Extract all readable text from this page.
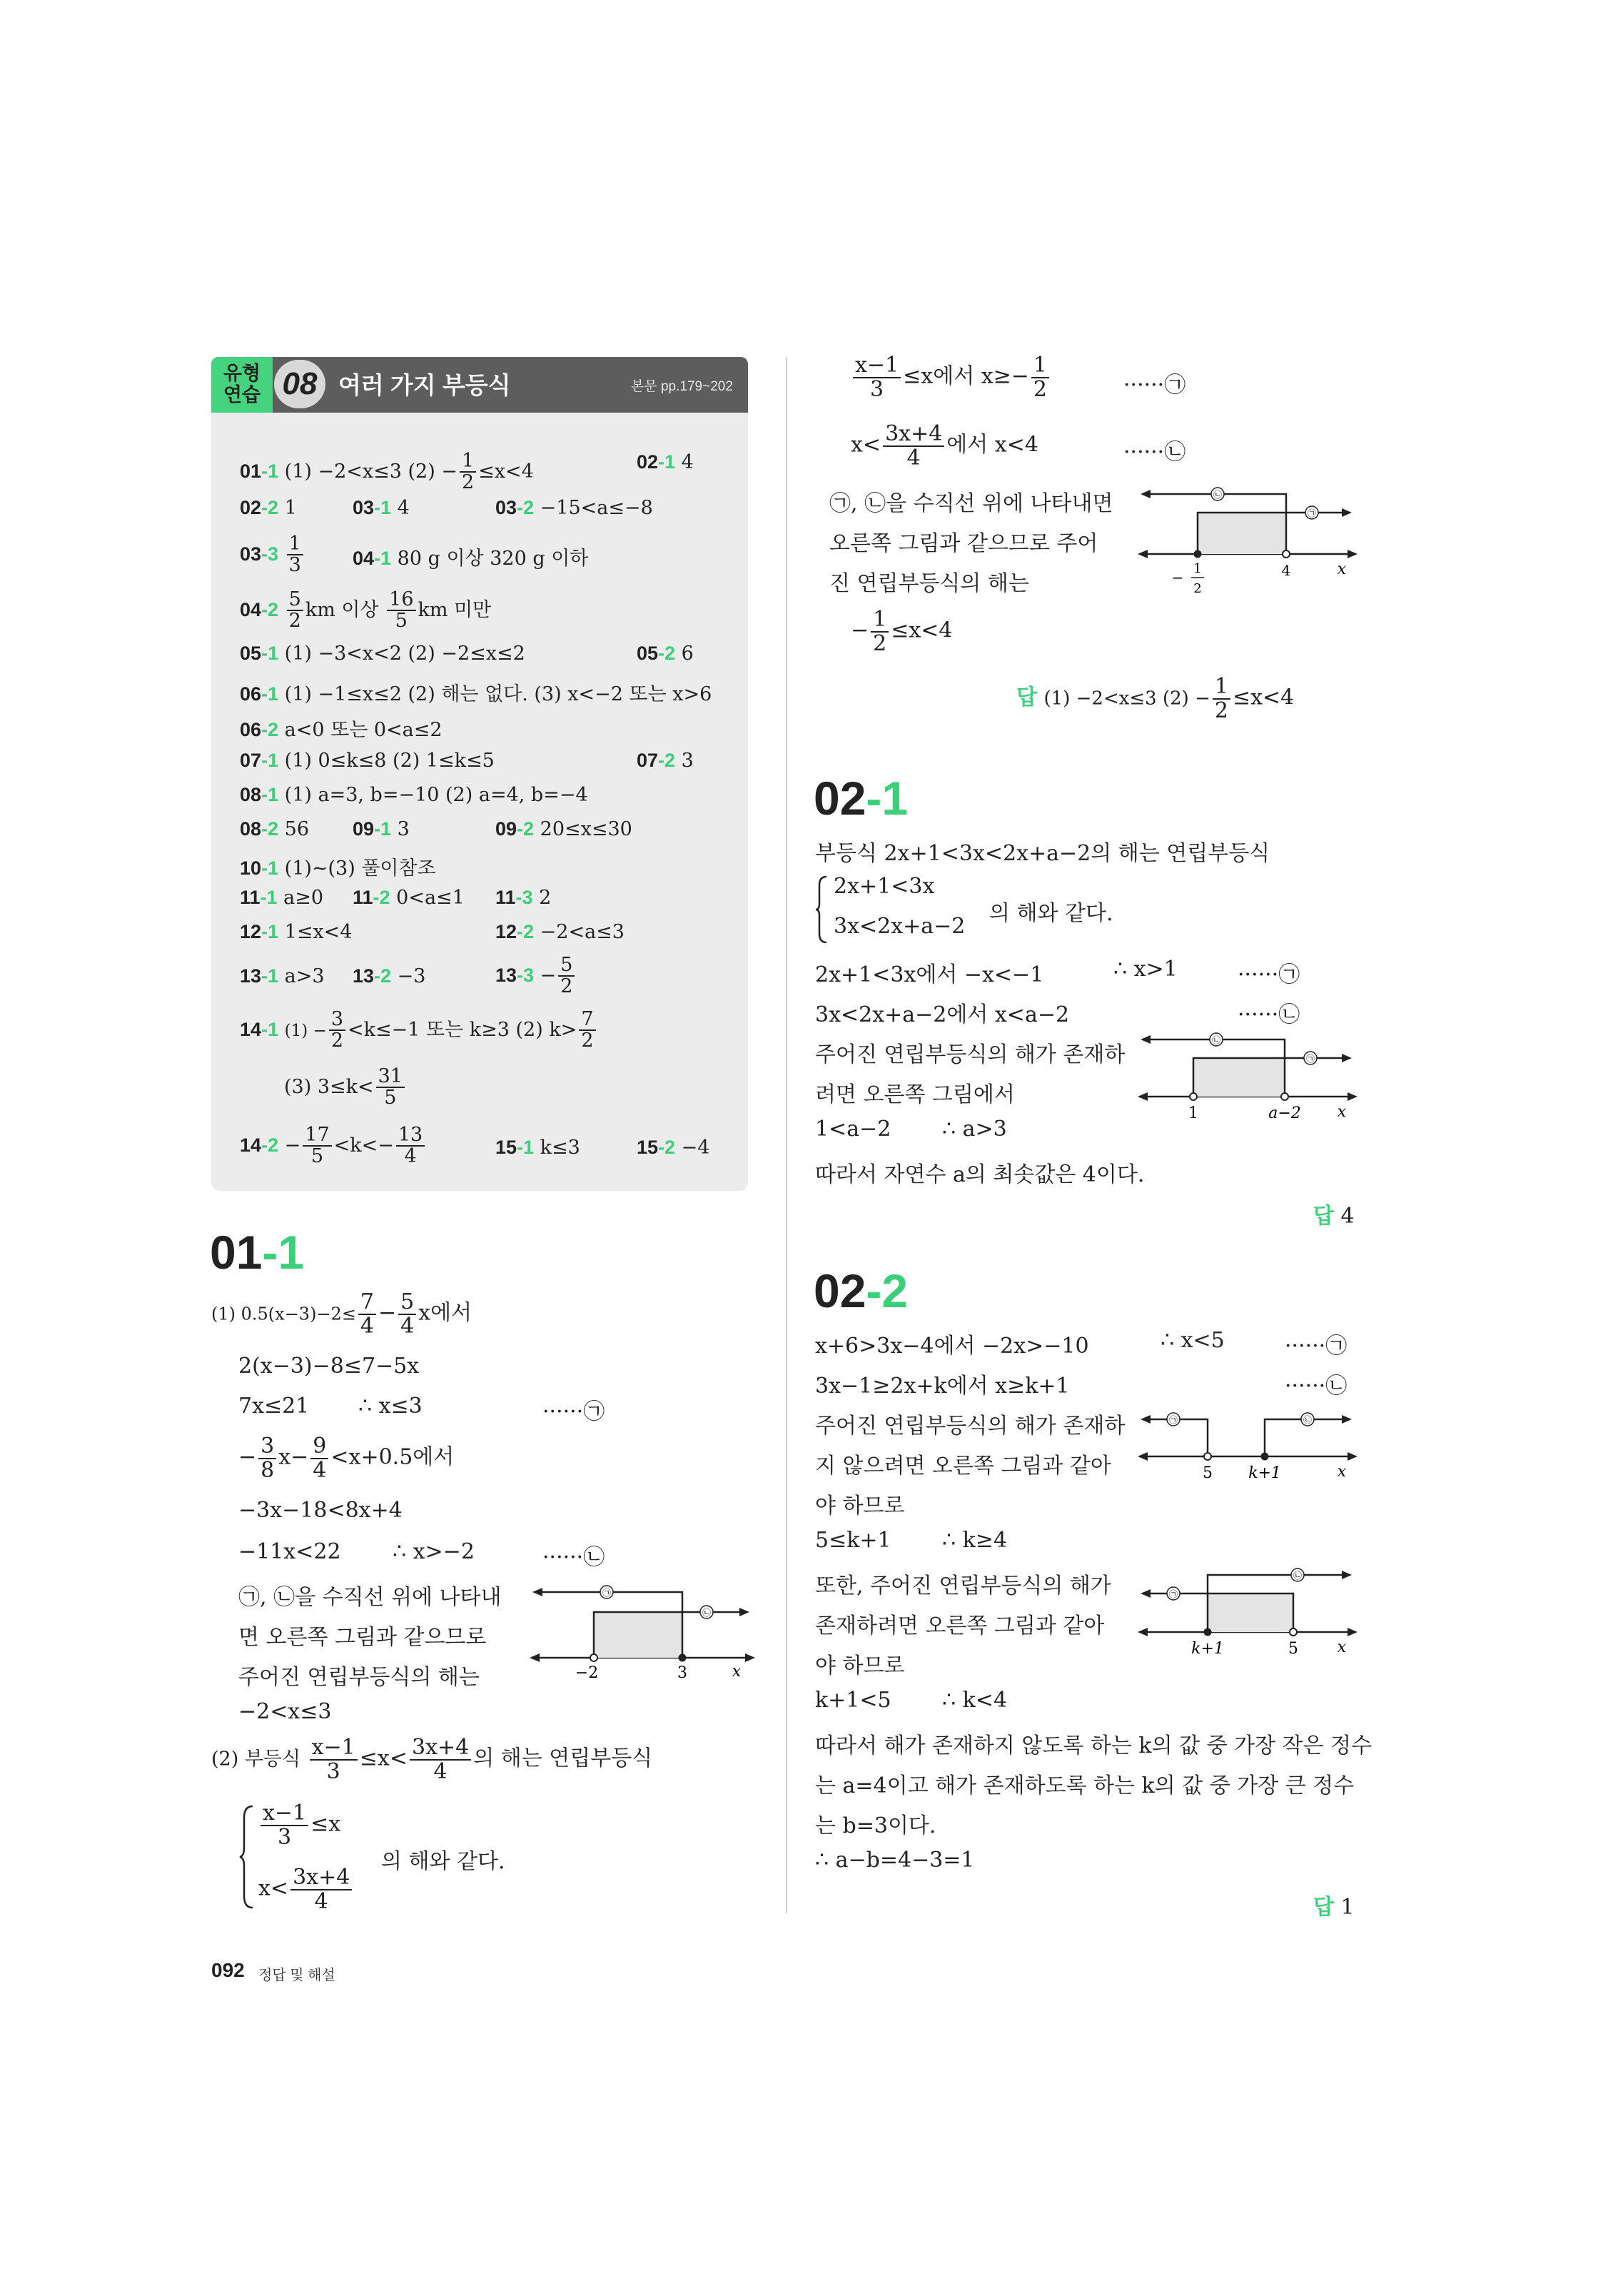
유형
연습 08 여러 가지 부등식	본문 pp.179~202
01-1 (1) −2<x≤3 $(2) - \frac{1}{2} \le x<4$	02-1 4
02-2 1	03-1 4	03-2 −15<a≤−8
$03-3 \frac{1}{3}$	04-1 80 g 이상 320 g 이하
$04-2 \frac{5}{2}$ km 이상 $\frac{16}{5}$ km 미만
05-1 (1) −3<x<2 (2) −2≤x≤2	05-2 6
06-1 (1) −1≤x≤2 (2) 해는 없다. (3) x<−2 또는 x>6
06-2 a<0 또는 0<a≤2
07-1 (1) 0≤k≤8 (2) 1≤k≤5	07-2 3
08-1 (1) a=3, b=−10 (2) a=4, b=−4
08-2 56 09-1 3	09-2 20≤x≤30
10-1 (1)~(3) 풀이참조
11-1 a≥0 11-2 0<a≤1 11-3 2
12-1 1≤x<4	12-2 −2<a≤3
13-1 a>3 13-2 −3	$13-3 - \frac{5}{2}$
14-1 $(1) - \frac{3}{2} <k\le-1$ 또는 k≥3 (2) $k> \frac{7}{2}$
(3) $3\le k< \frac{31}{5}$
$14-2 - \frac{17}{5} <k<- \frac{13}{4}$	15-1 k≤3	15-2 −4
01-1
(1) $0.5(x-3)-2\le \frac{7}{4} - \frac{5}{4}$ x에서
2(x−3)−8≤7−5x
7x≤21 ∴ x≤3	······㉠
− $\frac{3}{8} x- \frac{9}{4} <x+0.5$에서
−3x−18<8x+4
−11x<22 ∴ x>−2	······㉡
㉠, ㉡을 수직선 위에 나타내
면 오른쪽 그림과 같으므로
주어진 연립부등식의 해는
−2<x≤3
㉠
㉡
−2	3	x
(2) 부등식 $\frac{x-1}{3} \le x< \frac{3x+4}{4}$ 의 해는 연립부등식
$\frac{x-1}{3} \le x$
$x< \frac{3x+4}{4}$
의 해와 같다.
$\frac{x-1}{3} \le x$에서 $x\ge- \frac{1}{2}$	······㉠
$x< \frac{3x+4}{4}$ 에서 x<4	······㉡
㉠, ㉡을 수직선 위에 나타내면
오른쪽 그림과 같으므로 주어
진 연립부등식의 해는
− $\frac{1}{2} \le x<4$
㉡
㉠
−
1
2
4	x
답 (1) −2<x≤3 $(2) - \frac{1}{2} \le x<4$
02-1
부등식 2x+1<3x<2x+a−2의 해는 연립부등식
2x+1<3x
3x<2x+a−2
의 해와 같다.
2x+1<3x에서 −x<−1	∴ x>1	······㉠
3x<2x+a−2에서 x<a−2	······㉡
주어진 연립부등식의 해가 존재하
려면 오른쪽 그림에서
1<a−2 ∴ a>3
따라서 자연수 a의 최솟값은 4이다.
답 4
㉡
㉠
1	a−2 x
02-2
x+6>3x−4에서 −2x>−10	∴ x<5	······㉠
3x−1≥2x+k에서 x≥k+1	······㉡
주어진 연립부등식의 해가 존재하
지 않으려면 오른쪽 그림과 같아
야 하므로
5≤k+1 ∴ k≥4
또한, 주어진 연립부등식의 해가
존재하려면 오른쪽 그림과 같아
야 하므로
k+1<5 ∴ k<4
따라서 해가 존재하지 않도록 하는 k의 값 중 가장 작은 정수
는 a=4이고 해가 존재하도록 하는 k의 값 중 가장 큰 정수
는 b=3이다.
∴ a−b=4−3=1
답 1
㉠	㉡
5 k+1	x
㉠
㉡
k+1	5 x
092 정답 및 해설
